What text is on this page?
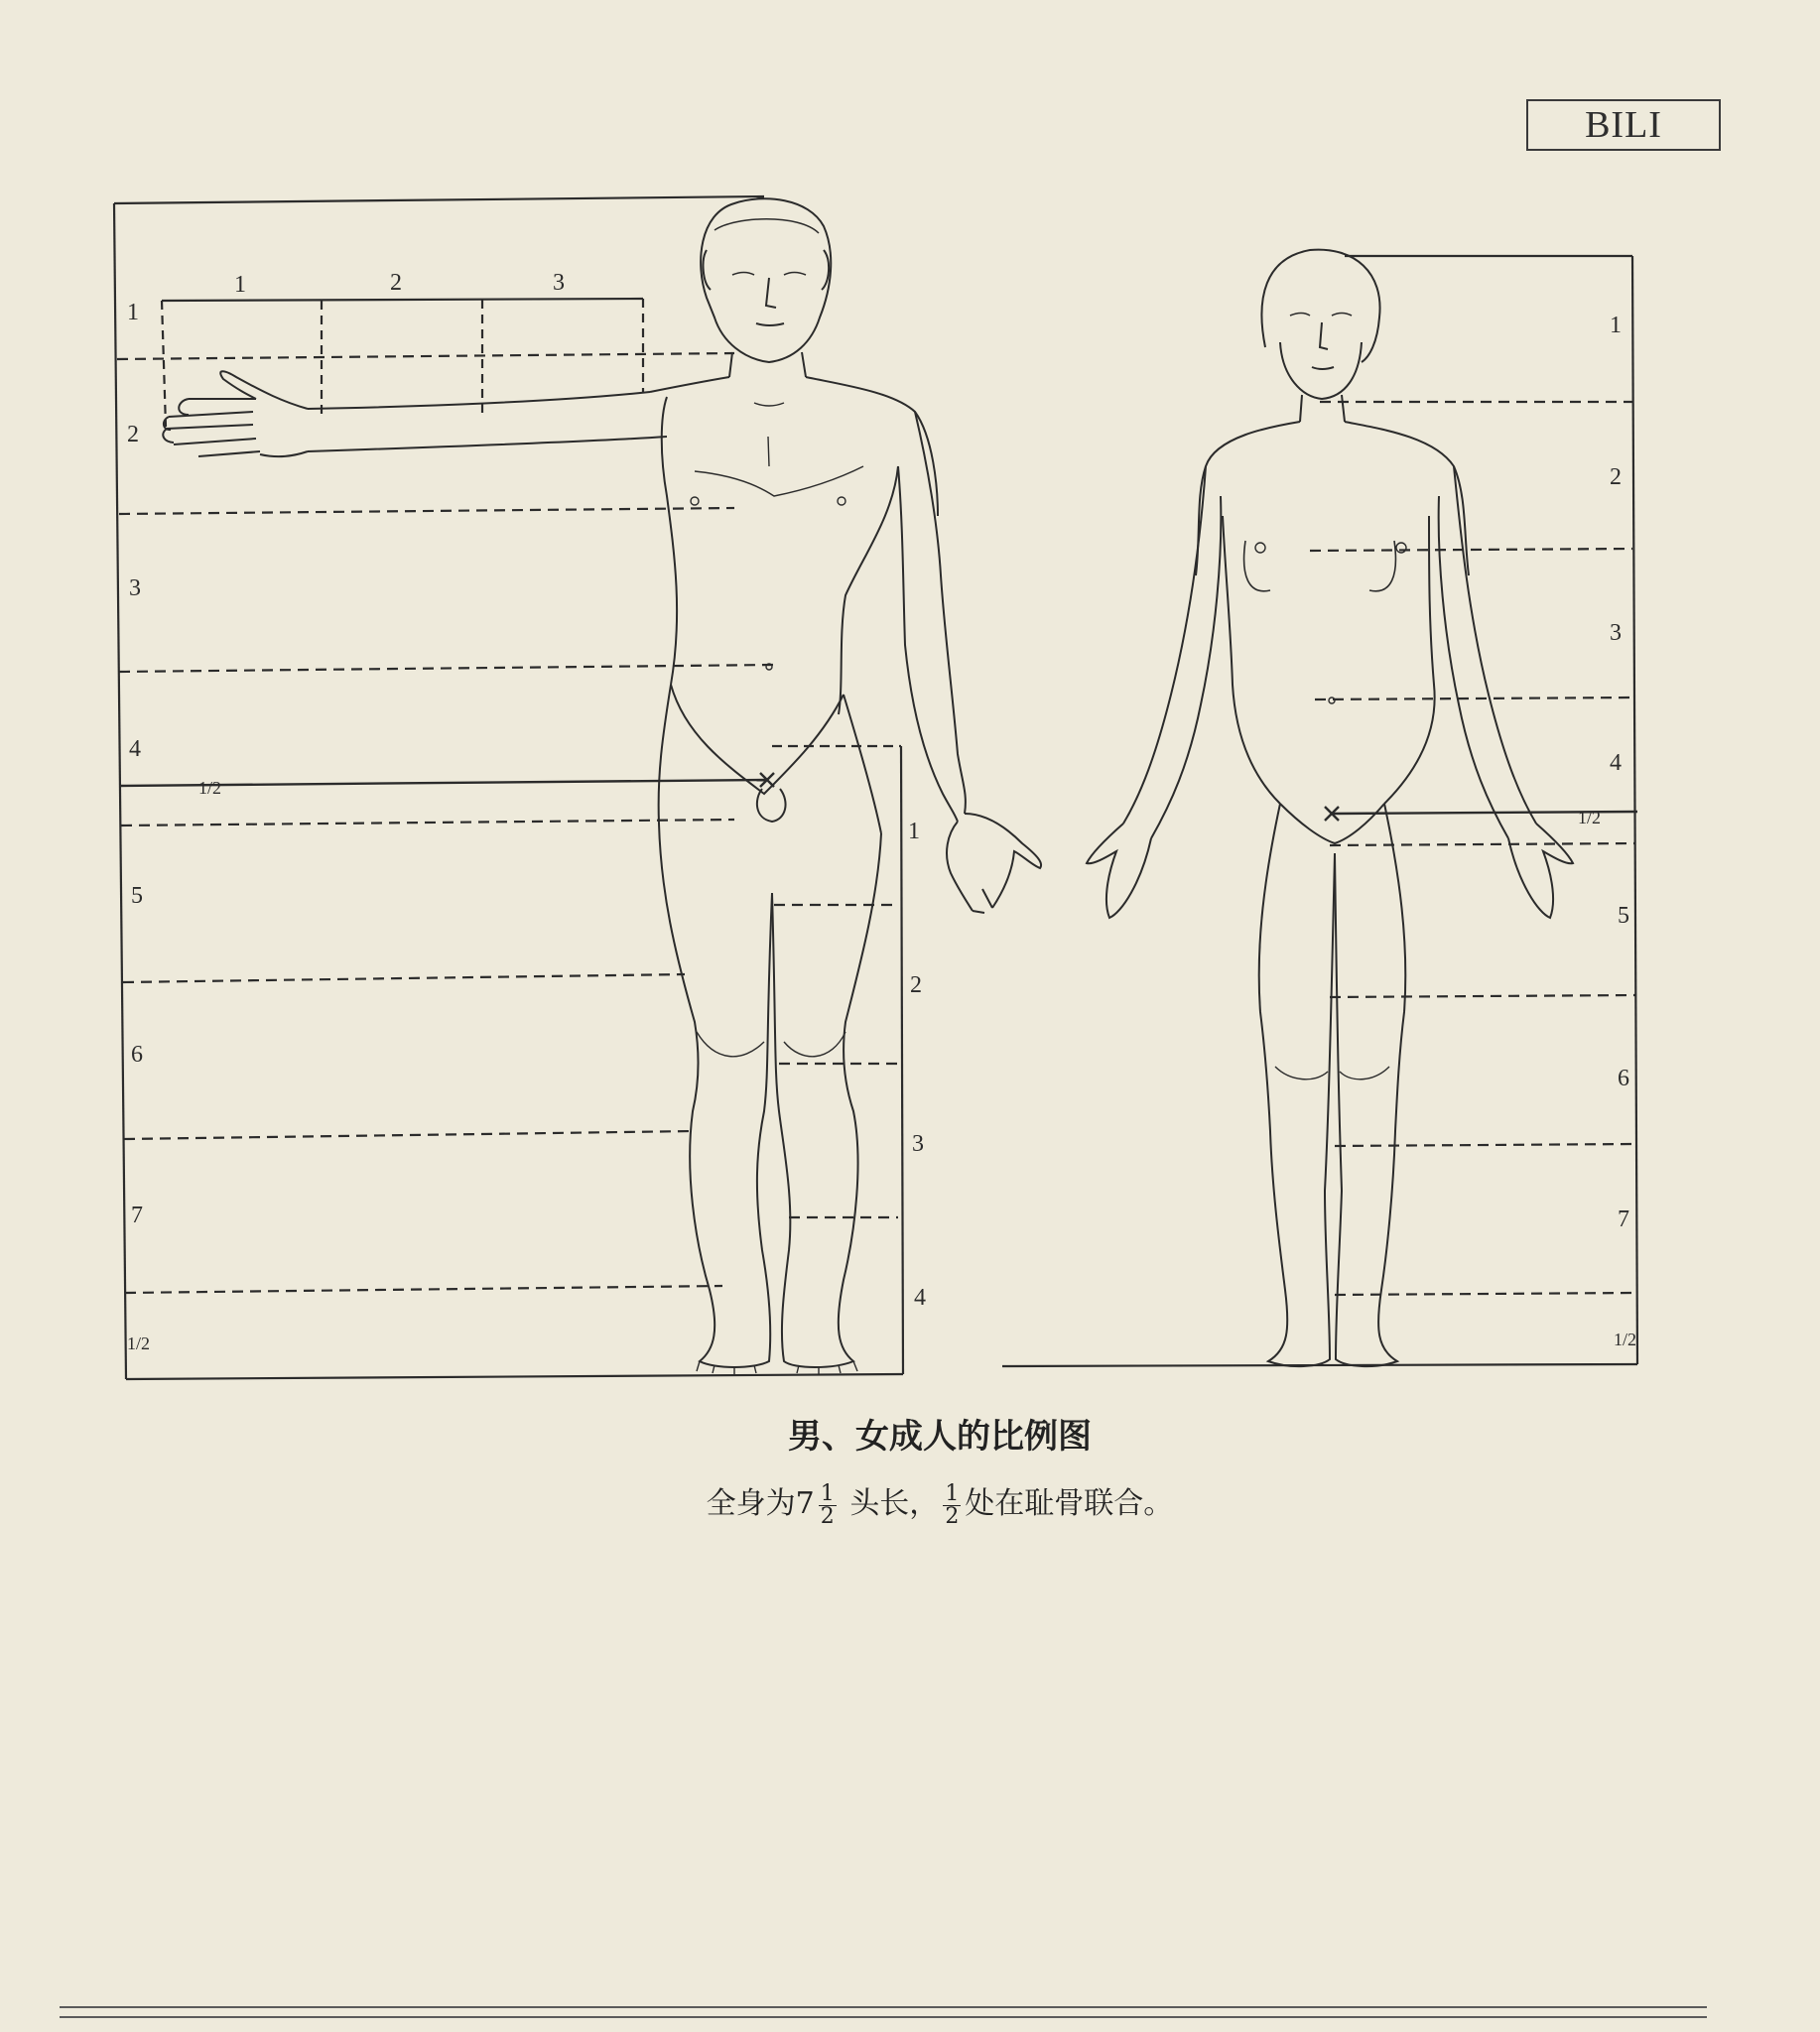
BILI
1
2
3
4
5
6
7
1/2
1	2	3
1
2
3
4
1/2
1
2
3
4
5
6
7
1/2
1/2
男、女成人的比例图
全身为$7 \frac{1}{2}$ 头长， $\frac{1}{2}$ 处在耻骨联合。
